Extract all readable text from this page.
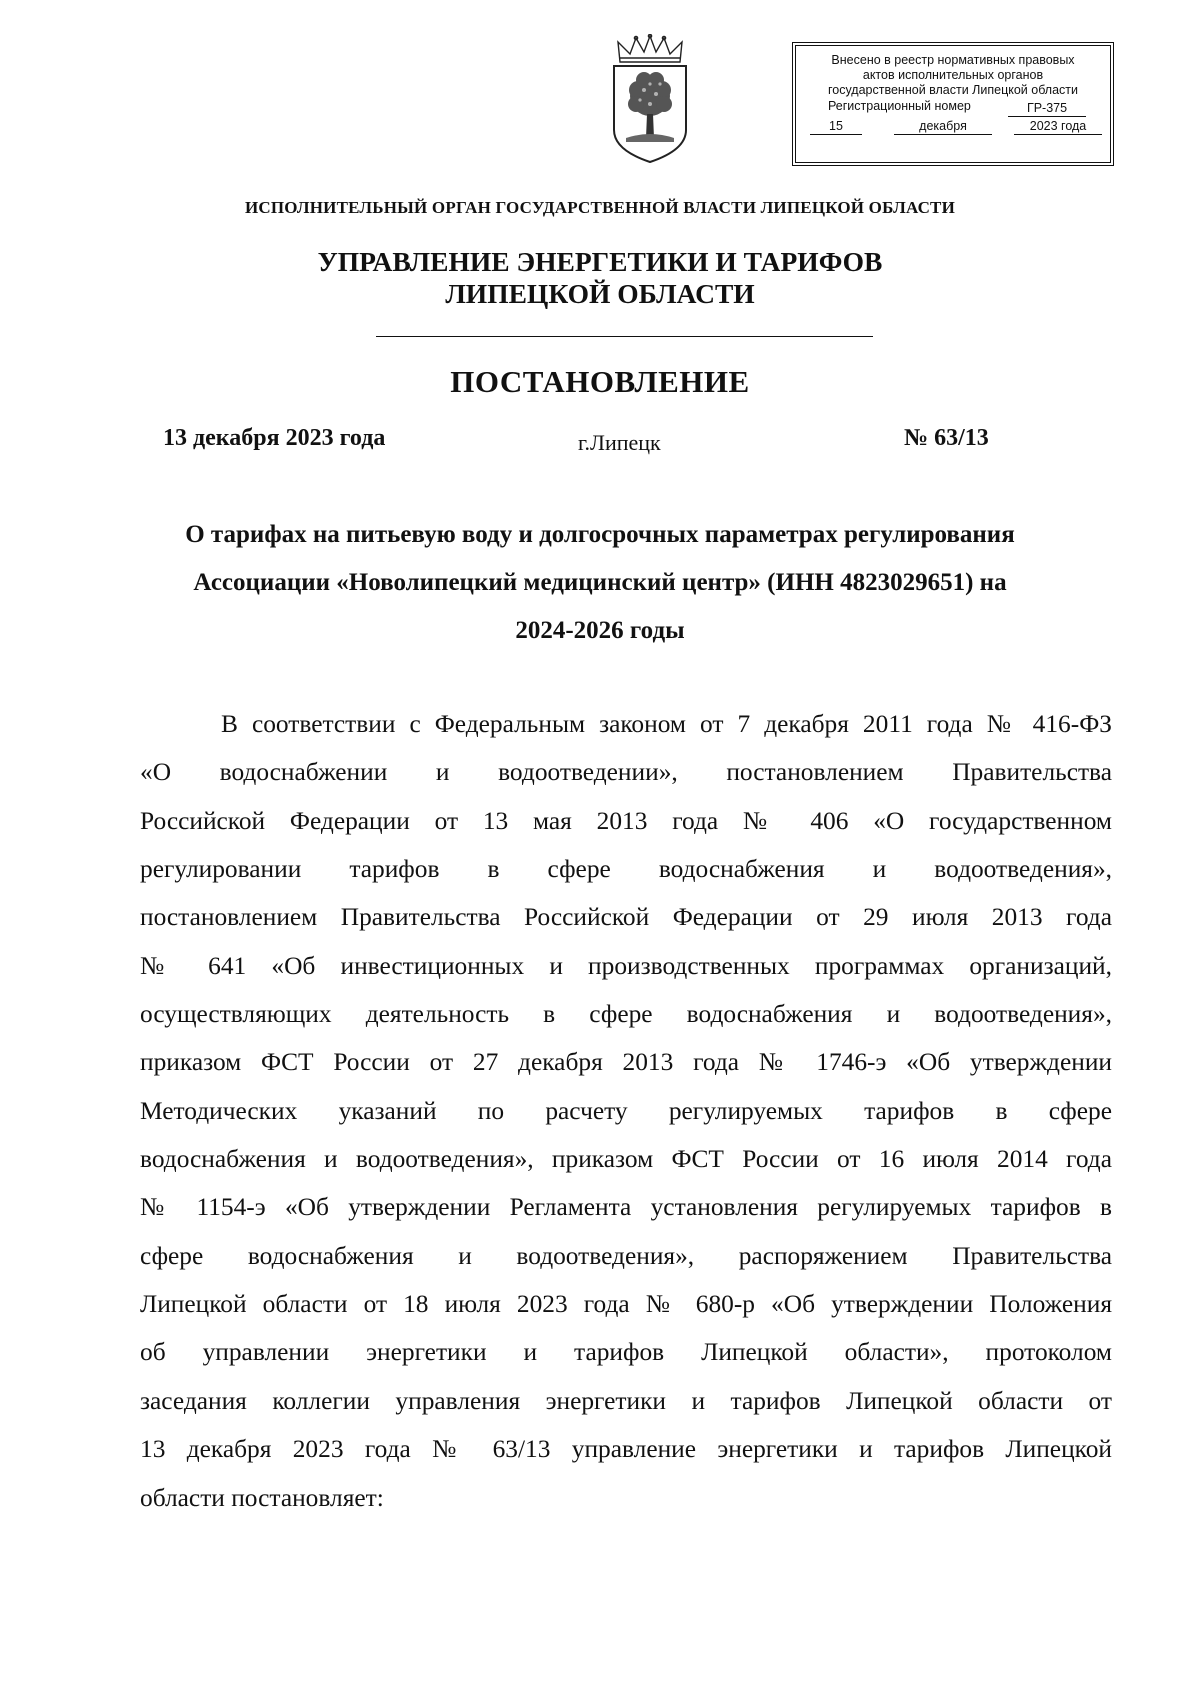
Внесено в реестр нормативных правовых
актов исполнительных органов
государственной власти Липецкой области
Регистрационный номер	ГР-375
15	декабря	2023 года
ИСПОЛНИТЕЛЬНЫЙ ОРГАН ГОСУДАРСТВЕННОЙ ВЛАСТИ ЛИПЕЦКОЙ ОБЛАСТИ
УПРАВЛЕНИЕ ЭНЕРГЕТИКИ И ТАРИФОВ
ЛИПЕЦКОЙ ОБЛАСТИ
ПОСТАНОВЛЕНИЕ
13 декабря 2023 года	г.Липецк	№ 63/13
О тарифах на питьевую воду и долгосрочных параметрах регулирования
Ассоциации «Новолипецкий медицинский центр» (ИНН 4823029651) на
2024-2026 годы
В соответствии с Федеральным законом от 7 декабря 2011 года № 416-ФЗ
«О водоснабжении и водоотведении», постановлением Правительства
Российской Федерации от 13 мая 2013 года № 406 «О государственном
регулировании тарифов в сфере водоснабжения и водоотведения»,
постановлением Правительства Российской Федерации от 29 июля 2013 года
№ 641 «Об инвестиционных и производственных программах организаций,
осуществляющих деятельность в сфере водоснабжения и водоотведения»,
приказом ФСТ России от 27 декабря 2013 года № 1746-э «Об утверждении
Методических указаний по расчету регулируемых тарифов в сфере
водоснабжения и водоотведения», приказом ФСТ России от 16 июля 2014 года
№ 1154-э «Об утверждении Регламента установления регулируемых тарифов в
сфере водоснабжения и водоотведения», распоряжением Правительства
Липецкой области от 18 июля 2023 года № 680-р «Об утверждении Положения
об управлении энергетики и тарифов Липецкой области», протоколом
заседания коллегии управления энергетики и тарифов Липецкой области от
13 декабря 2023 года № 63/13 управление энергетики и тарифов Липецкой
области постановляет:
